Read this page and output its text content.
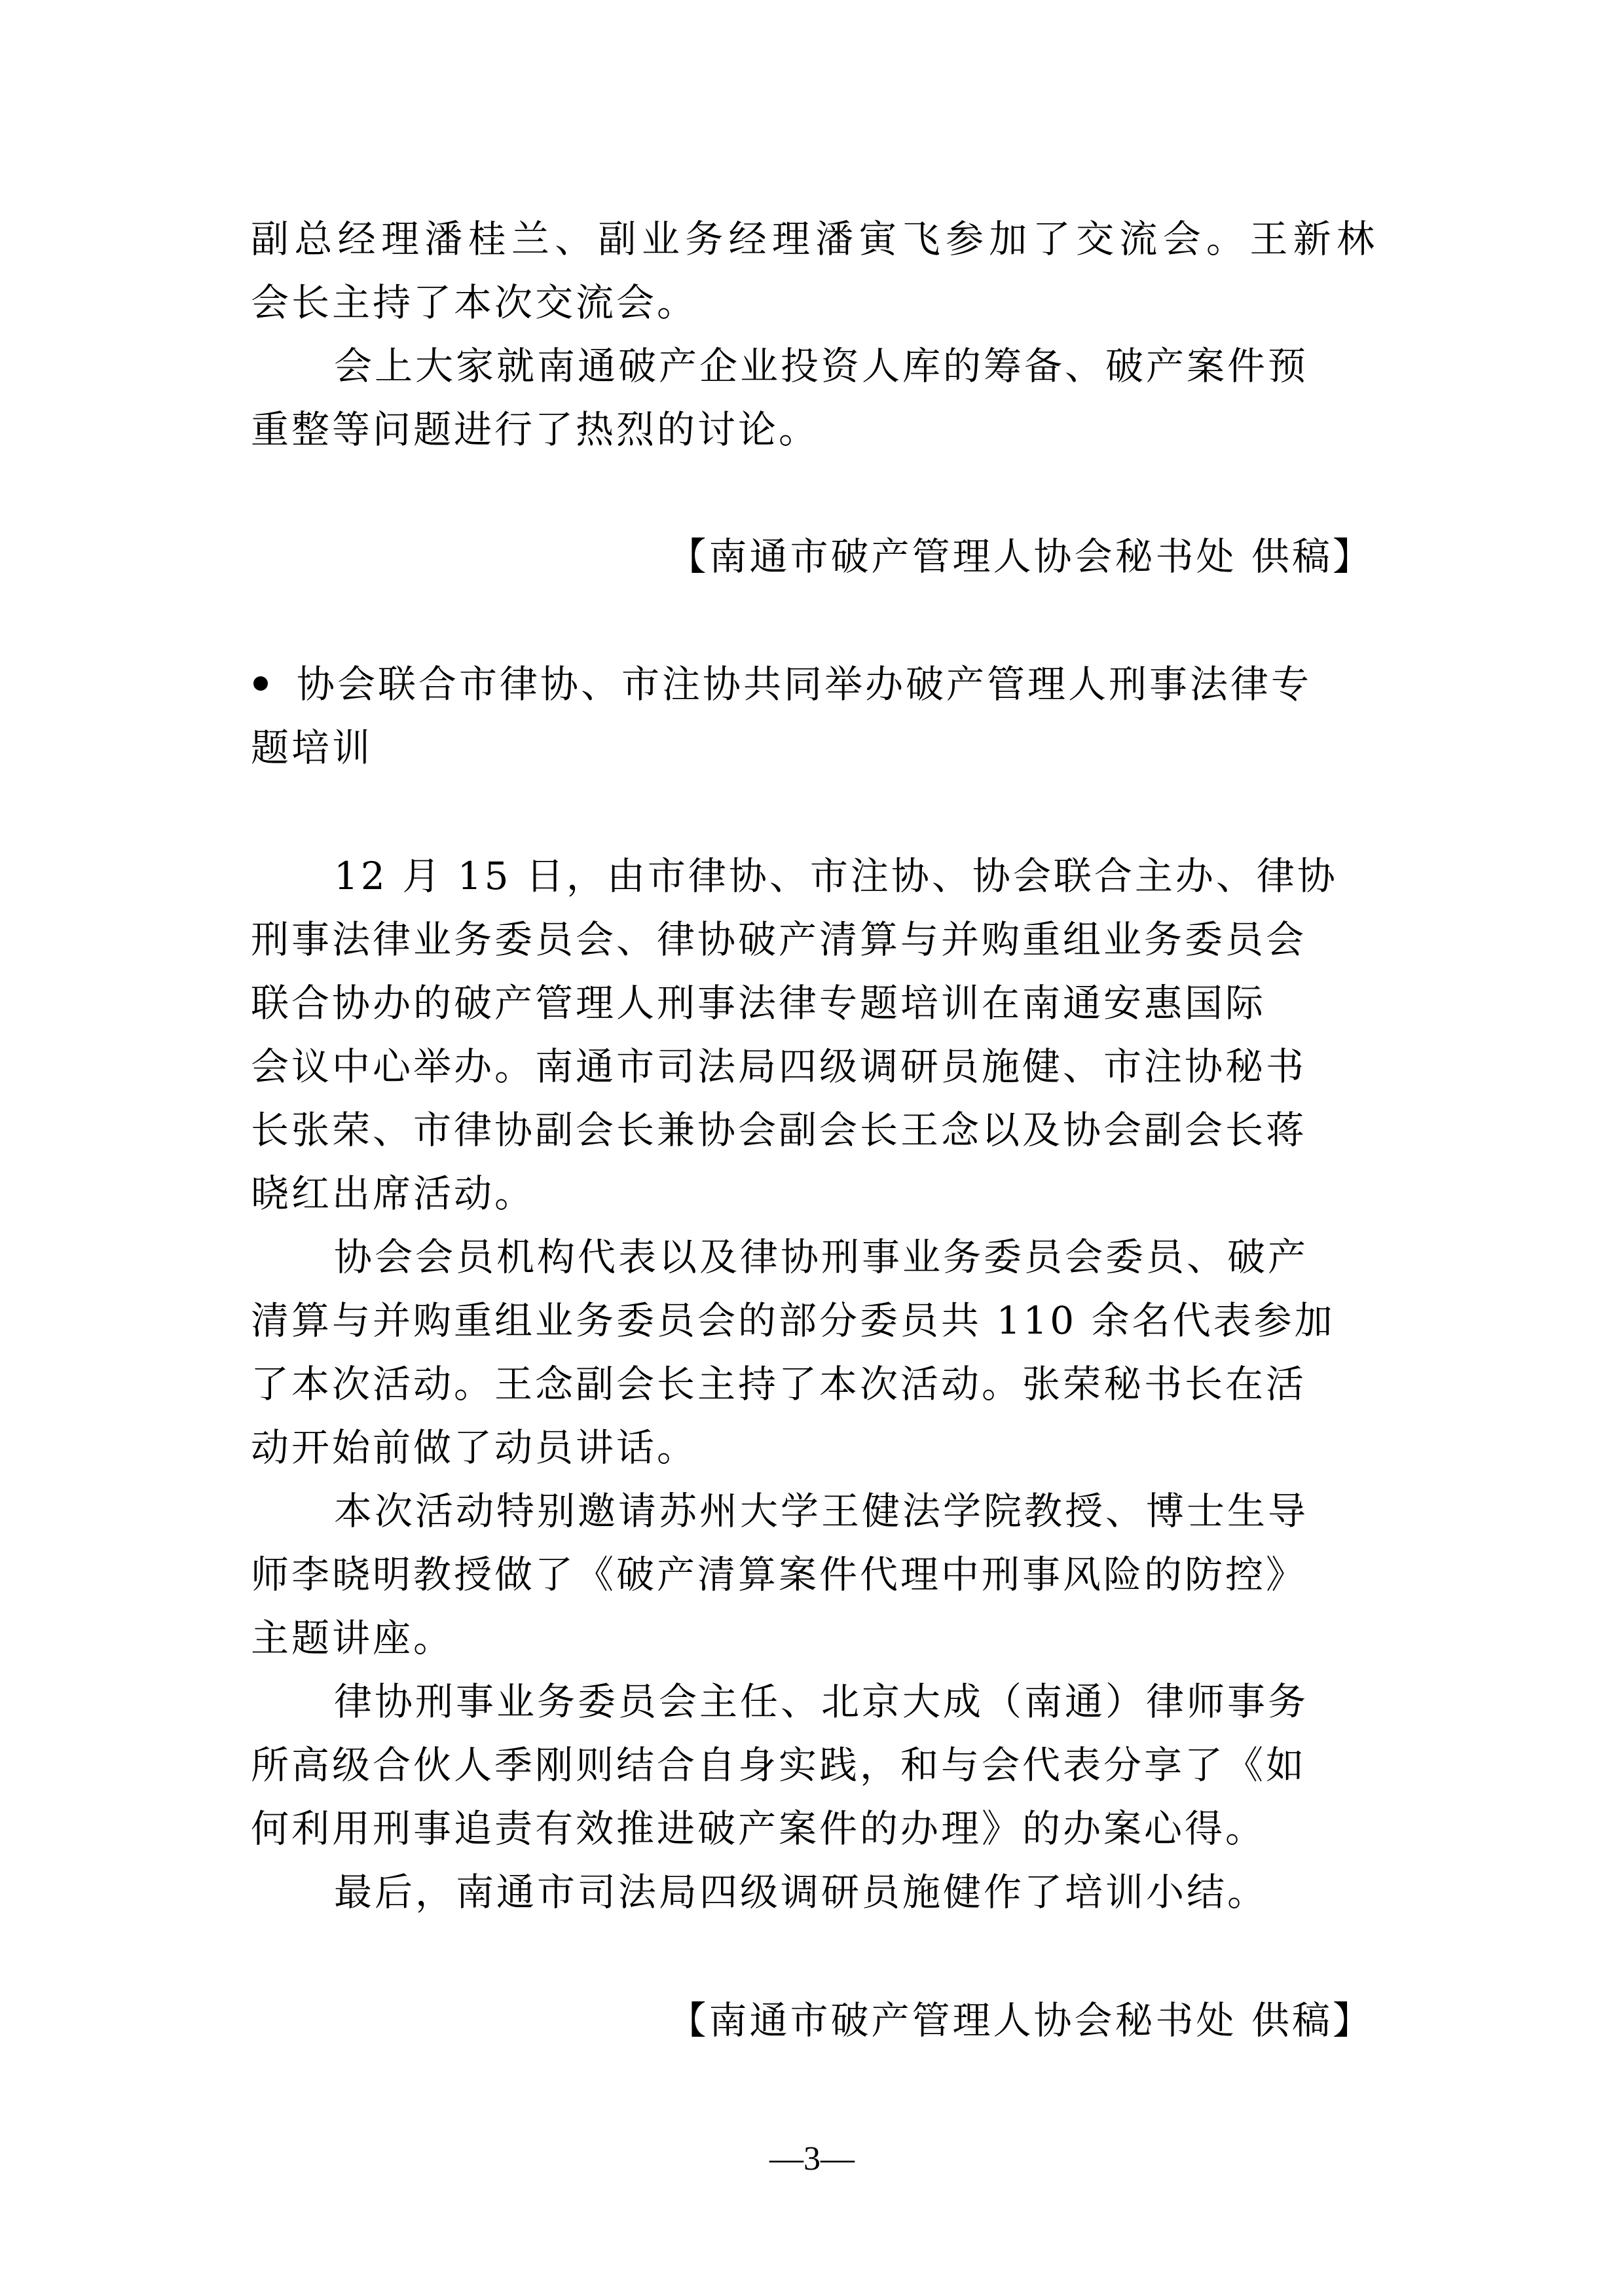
副总经理潘桂兰、副业务经理潘寅飞参加了交流会。王新林
会长主持了本次交流会。
会上大家就南通破产企业投资人库的筹备、破产案件预
重整等问题进行了热烈的讨论。
【南通市破产管理人协会秘书处 供稿】
协会联合市律协、市注协共同举办破产管理人刑事法律专
题培训
12 月 15 日，由市律协、市注协、协会联合主办、律协
刑事法律业务委员会、律协破产清算与并购重组业务委员会
联合协办的破产管理人刑事法律专题培训在南通安惠国际
会议中心举办。南通市司法局四级调研员施健、市注协秘书
长张荣、市律协副会长兼协会副会长王念以及协会副会长蒋
晓红出席活动。
协会会员机构代表以及律协刑事业务委员会委员、破产
清算与并购重组业务委员会的部分委员共 110 余名代表参加
了本次活动。王念副会长主持了本次活动。张荣秘书长在活
动开始前做了动员讲话。
本次活动特别邀请苏州大学王健法学院教授、博士生导
师李晓明教授做了《破产清算案件代理中刑事风险的防控》
主题讲座。
律协刑事业务委员会主任、北京大成（南通）律师事务
所高级合伙人季刚则结合自身实践，和与会代表分享了《如
何利用刑事追责有效推进破产案件的办理》的办案心得。
最后，南通市司法局四级调研员施健作了培训小结。
【南通市破产管理人协会秘书处 供稿】
—3—
